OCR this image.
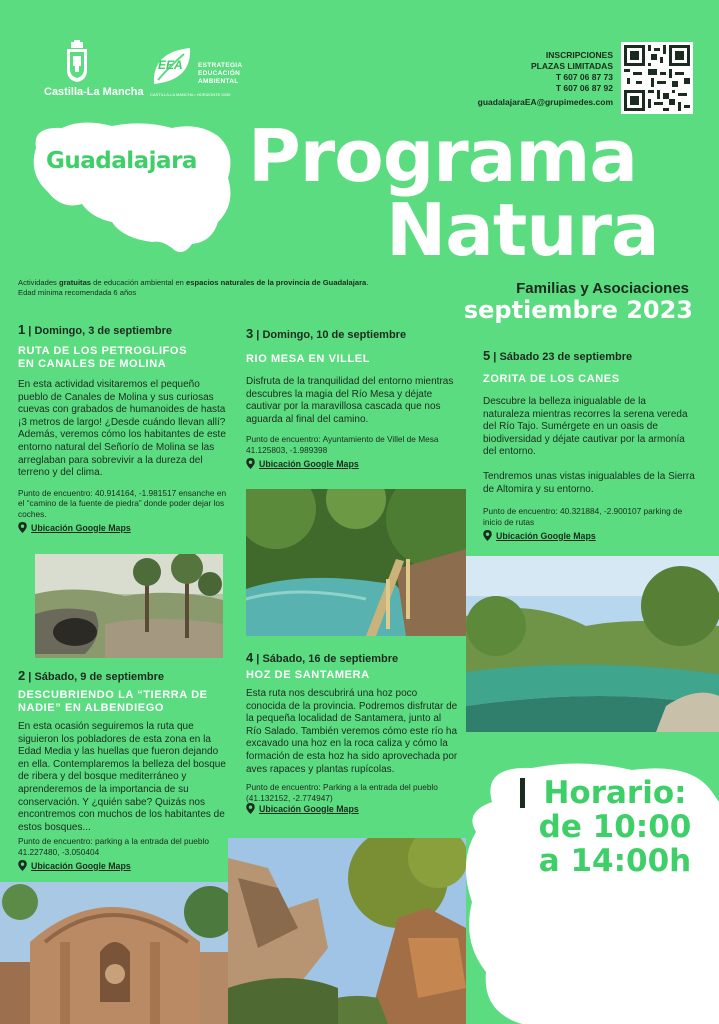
Castilla-La Mancha
EEA ESTRATEGIA
EDUCACIÓN
AMBIENTAL
CASTILLA-LA MANCHA • HORIZONTE 2030
INSCRIPCIONES
PLAZAS LIMITADAS
T 607 06 87 73
T 607 06 87 92
guadalajaraEA@grupimedes.com
Guadalajara Programa
Natura
Familias y Asociaciones
septiembre 2023
Actividades gratuitas de educación ambiental en espacios naturales de la provincia de Guadalajara.
Edad mínima recomendada 6 años
1 | Domingo, 3 de septiembre
RUTA DE LOS PETROGLIFOS
EN CANALES DE MOLINA
En esta actividad visitaremos el pequeño pueblo de Canales de Molina y sus curiosas cuevas con grabados de humanoides de hasta ¡3 metros de largo! ¿Desde cuándo llevan allí? Además, veremos cómo los habitantes de este entorno natural del Señorío de Molina se las arreglaban para sobrevivir a la dureza del terreno y del clima.
Punto de encuentro: 40.914164, -1.981517 ensanche en el “camino de la fuente de piedra” donde poder dejar los coches.
Ubicación Google Maps
2 | Sábado, 9 de septiembre
DESCUBRIENDO LA “TIERRA DE
NADIE” EN ALBENDIEGO
En esta ocasión seguiremos la ruta que siguieron los pobladores de esta zona en la Edad Media y las huellas que fueron dejando en ella. Contemplaremos la belleza del bosque de ribera y del bosque mediterráneo y aprenderemos de la importancia de su conservación. Y ¿quién sabe? Quizás nos encontremos con muchos de los habitantes de estos bosques...
Punto de encuentro: parking a la entrada del pueblo 41.227480, -3.050404
Ubicación Google Maps
3 | Domingo, 10 de septiembre
RIO MESA EN VILLEL
Disfruta de la tranquilidad del entorno mientras descubres la magia del Río Mesa y déjate cautivar por la maravillosa cascada que nos aguarda al final del camino.
Punto de encuentro: Ayuntamiento de Villel de Mesa 41.125803, -1.989398
Ubicación Google Maps
4 | Sábado, 16 de septiembre
HOZ DE SANTAMERA
Esta ruta nos descubrirá una hoz poco conocida de la provincia. Podremos disfrutar de la pequeña localidad de Santamera, junto al Río Salado. También veremos cómo este río ha excavado una hoz en la roca caliza y cómo la formación de esta hoz ha sido aprovechada por aves rapaces y plantas rupícolas.
Punto de encuentro: Parking a la entrada del pueblo (41.132152, -2.774947)
Ubicación Google Maps
5 | Sábado 23 de septiembre
ZORITA DE LOS CANES
Descubre la belleza inigualable de la naturaleza mientras recorres la serena vereda del Río Tajo. Sumérgete en un oasis de biodiversidad y déjate cautivar por la armonía del entorno.
Tendremos unas vistas inigualables de la Sierra de Altomira y su entorno.
Punto de encuentro: 40.321884, -2.900107 parking de inicio de rutas
Ubicación Google Maps
Horario:
de 10:00
a 14:00h
